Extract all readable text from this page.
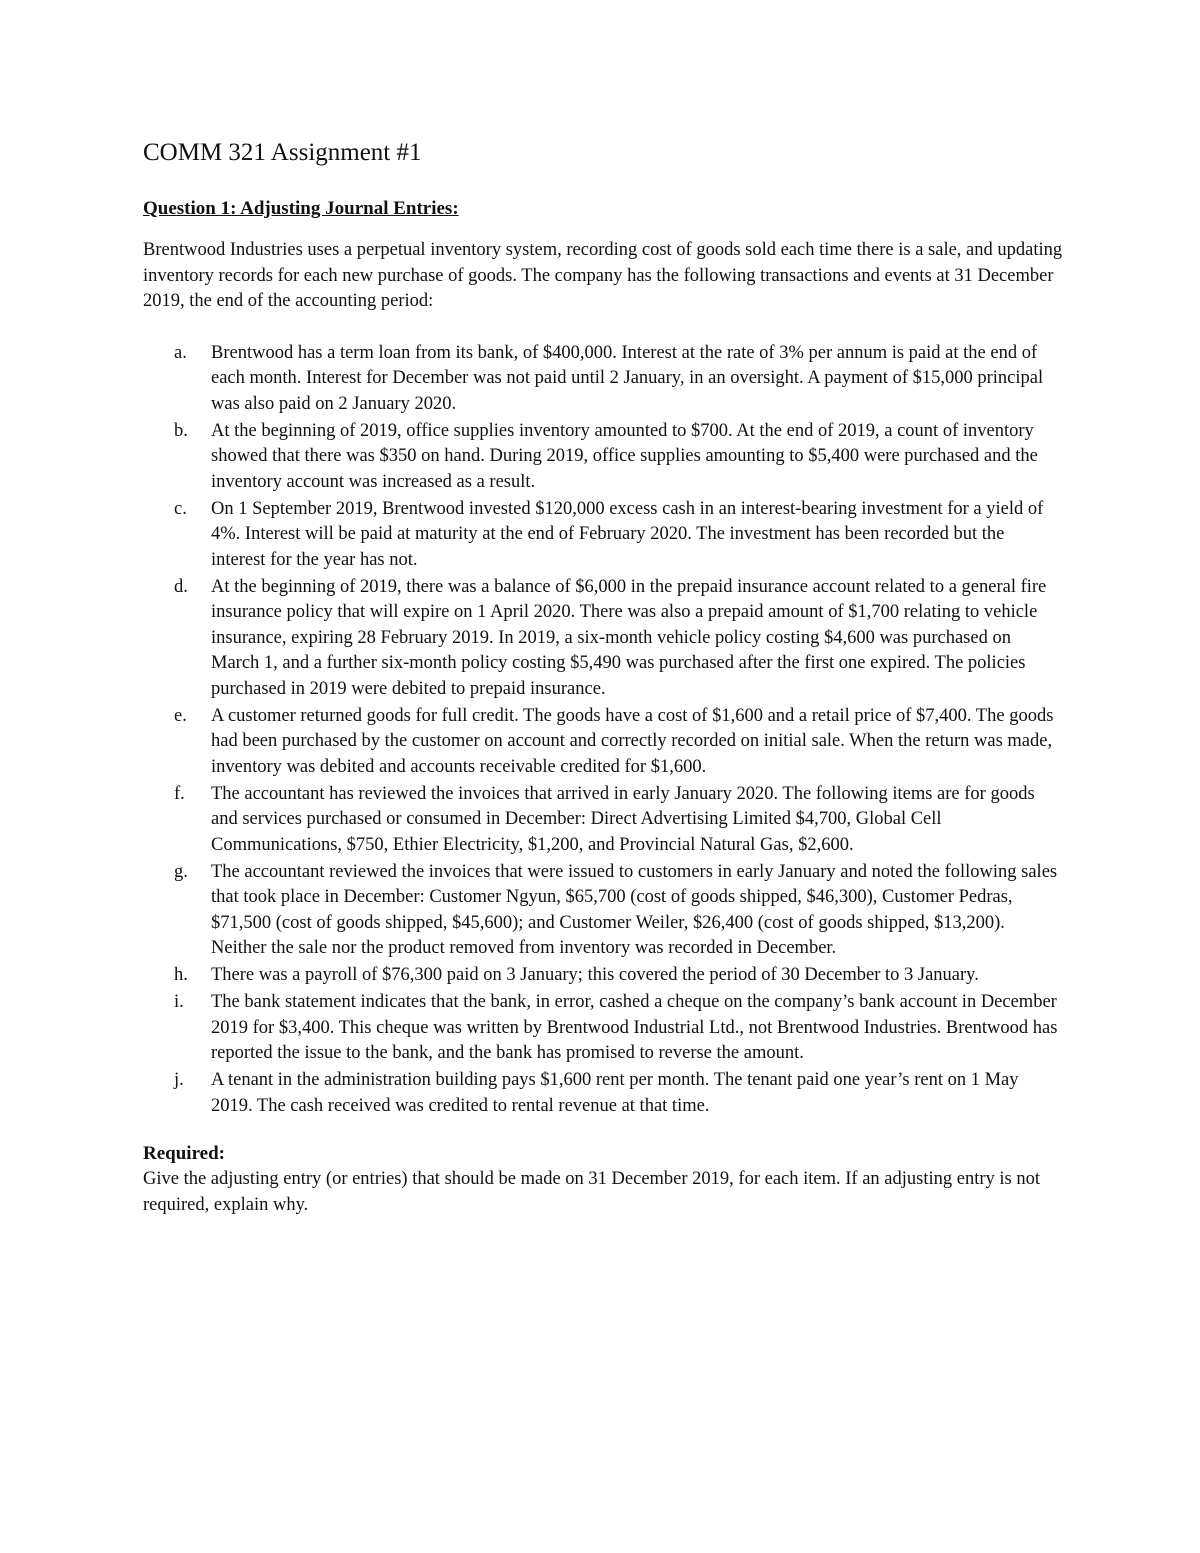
COMM 321 Assignment #1
Question 1: Adjusting Journal Entries:

Brentwood Industries uses a perpetual inventory system, recording cost of goods sold each time there is a sale, and updating inventory records for each new purchase of goods. The company has the following transactions and events at 31 December 2019, the end of the accounting period:

a. Brentwood has a term loan from its bank, of $400,000. Interest at the rate of 3% per annum is paid at the end of each month. Interest for December was not paid until 2 January, in an oversight. A payment of $15,000 principal was also paid on 2 January 2020.
b. At the beginning of 2019, office supplies inventory amounted to $700. At the end of 2019, a count of inventory showed that there was $350 on hand. During 2019, office supplies amounting to $5,400 were purchased and the inventory account was increased as a result.
c. On 1 September 2019, Brentwood invested $120,000 excess cash in an interest-bearing investment for a yield of 4%. Interest will be paid at maturity at the end of February 2020. The investment has been recorded but the interest for the year has not.
d. At the beginning of 2019, there was a balance of $6,000 in the prepaid insurance account related to a general fire insurance policy that will expire on 1 April 2020. There was also a prepaid amount of $1,700 relating to vehicle insurance, expiring 28 February 2019. In 2019, a six-month vehicle policy costing $4,600 was purchased on March 1, and a further six-month policy costing $5,490 was purchased after the first one expired. The policies purchased in 2019 were debited to prepaid insurance.
e. A customer returned goods for full credit. The goods have a cost of $1,600 and a retail price of $7,400. The goods had been purchased by the customer on account and correctly recorded on initial sale. When the return was made, inventory was debited and accounts receivable credited for $1,600.
f. The accountant has reviewed the invoices that arrived in early January 2020. The following items are for goods and services purchased or consumed in December: Direct Advertising Limited $4,700, Global Cell Communications, $750, Ethier Electricity, $1,200, and Provincial Natural Gas, $2,600.
g. The accountant reviewed the invoices that were issued to customers in early January and noted the following sales that took place in December: Customer Ngyun, $65,700 (cost of goods shipped, $46,300), Customer Pedras, $71,500 (cost of goods shipped, $45,600); and Customer Weiler, $26,400 (cost of goods shipped, $13,200). Neither the sale nor the product removed from inventory was recorded in December.
h. There was a payroll of $76,300 paid on 3 January; this covered the period of 30 December to 3 January.
i. The bank statement indicates that the bank, in error, cashed a cheque on the company’s bank account in December 2019 for $3,400. This cheque was written by Brentwood Industrial Ltd., not Brentwood Industries. Brentwood has reported the issue to the bank, and the bank has promised to reverse the amount.
j. A tenant in the administration building pays $1,600 rent per month. The tenant paid one year’s rent on 1 May 2019. The cash received was credited to rental revenue at that time.
Required:

Give the adjusting entry (or entries) that should be made on 31 December 2019, for each item. If an adjusting entry is not required, explain why.
